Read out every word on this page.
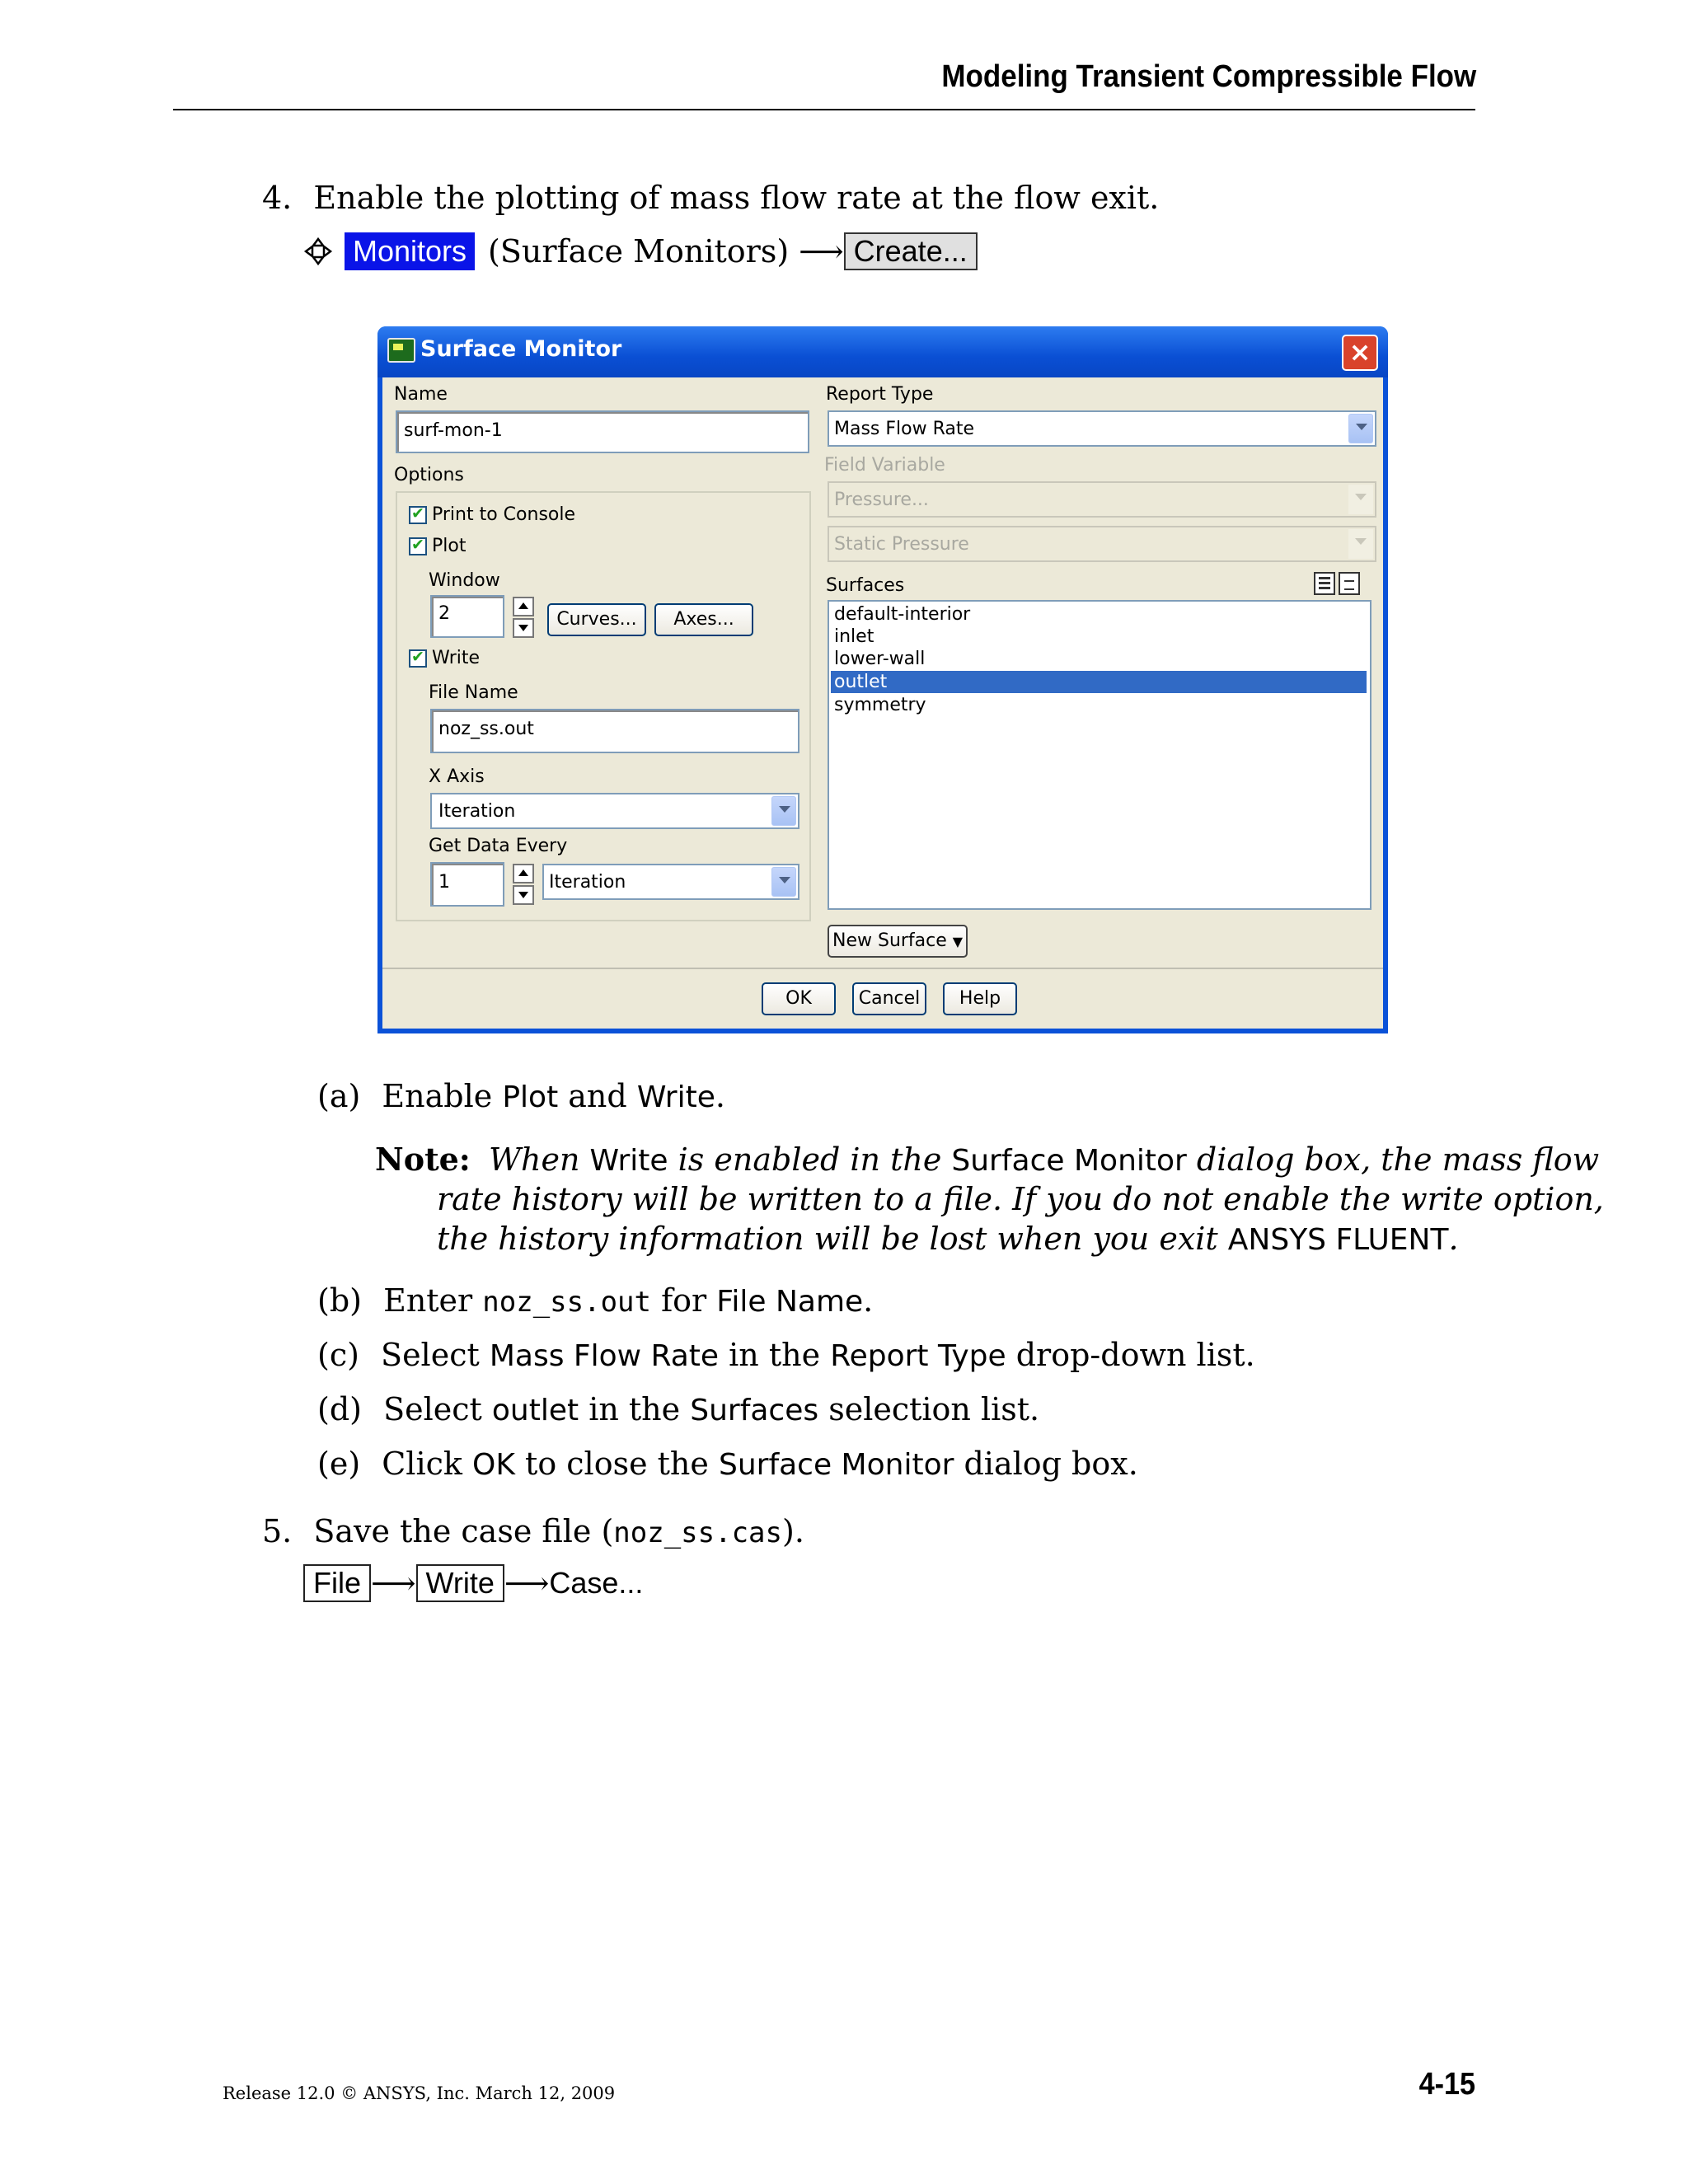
Modeling Transient Compressible Flow
4. Enable the plotting of mass flow rate at the flow exit.
Monitors (Surface Monitors) ⟶ Create...
Surface Monitor	×
Name
surf-mon-1
Options
✔
Print to Console
✔
Plot
Window
2	Curves...	Axes...
✔
Write
File Name
noz_ss.out
X Axis
Iteration
Get Data Every
1	Iteration
Report Type
Mass Flow Rate
Field Variable
Pressure...
Static Pressure
Surfaces
default-interior
inlet
lower-wall
outlet
symmetry
New Surface ▼
OK	Cancel	Help
(a) Enable Plot and Write.
Note: When Write is enabled in the Surface Monitor dialog box, the mass flow
rate history will be written to a file. If you do not enable the write option,
the history information will be lost when you exit ANSYS FLUENT.
(b) Enter noz_ss.out for File Name.
(c) Select Mass Flow Rate in the Report Type drop-down list.
(d) Select outlet in the Surfaces selection list.
(e) Click OK to close the Surface Monitor dialog box.
5. Save the case file (noz_ss.cas).
File ⟶ Write ⟶ Case...
Release 12.0 © ANSYS, Inc. March 12, 2009	4-15
